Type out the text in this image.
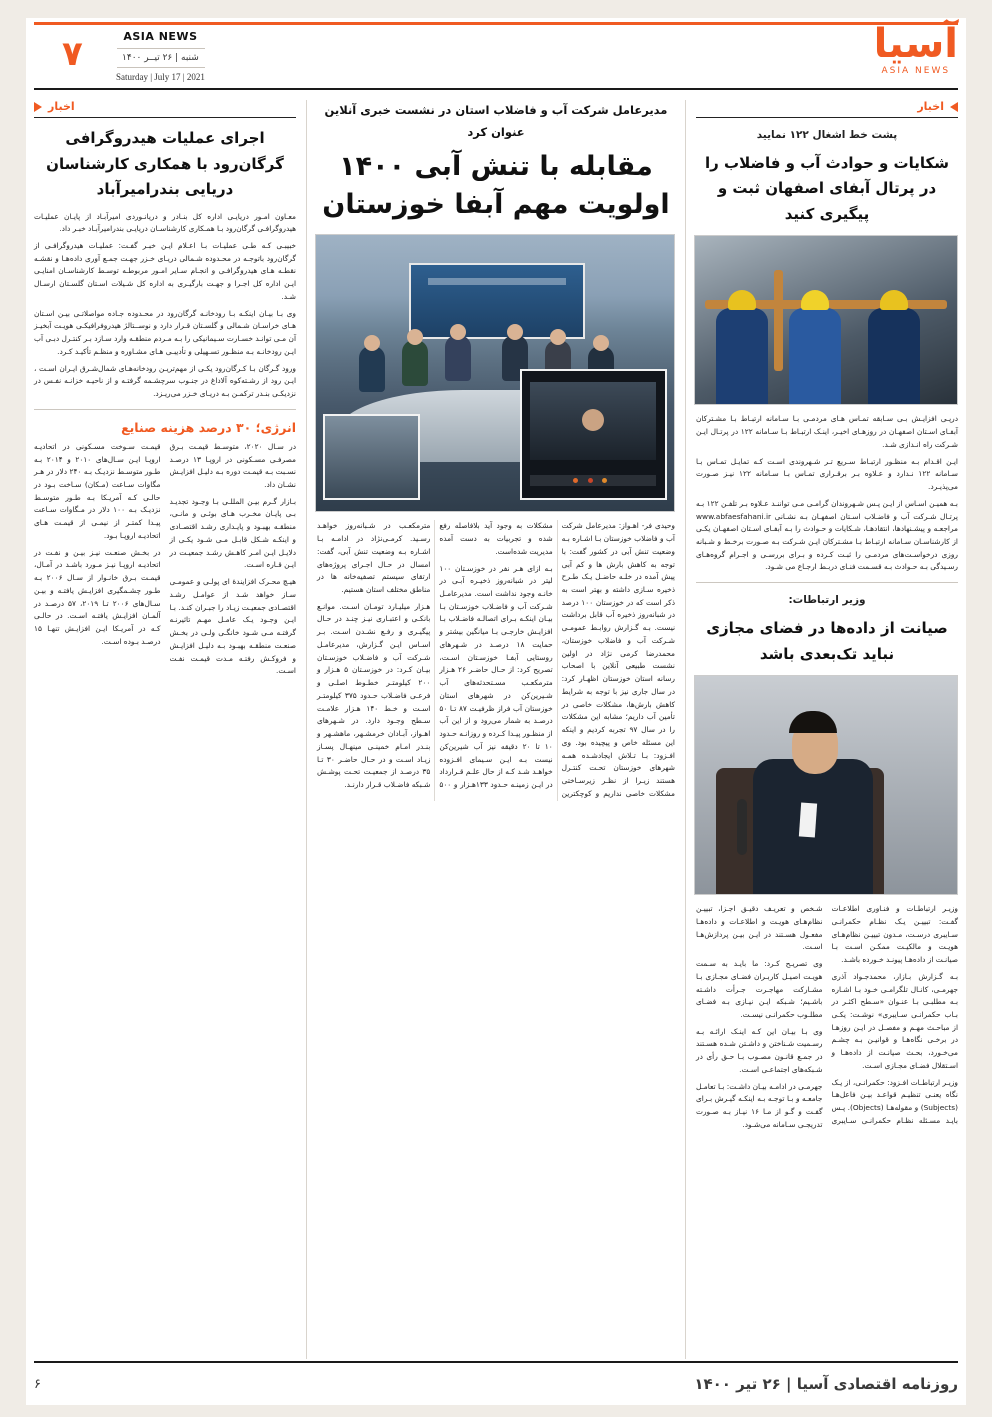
۷	ASIA NEWS
شنبه | ۲۶ تیــر ۱۴۰۰
Saturday | July 17 | 2021
آسیا
ASIA NEWS
اخبار
پشت خط اشغال ۱۲۲ نمایید
شکایات و حوادث آب و فاضلاب را در پرتال آبفای اصفهان ثبت و پیگیری کنید

درپـی افزایـش بـی سـابقه تمـاس هـای مردمـی بـا سـامانه ارتبـاط بـا مشـترکان آبفـای اسـتان اصفهـان در روزهـای اخیـر، اینـک ارتبـاط بـا سـامانه ۱۲۲ در پرتـال ایـن شـرکت راه انـدازی شـد.

ایـن اقـدام بـه منظـور ارتبـاط سـریع تـر شـهروندی اسـت کـه تمایـل تمـاس بـا سـامانه ۱۲۲ نـدارد و عـلاوه بـر برقـراری تمـاس بـا سـامانه ۱۲۲ نیـز صـورت می‌پذیـرد.

بـه همیـن اسـاس از ایـن پـس شـهروندان گرامـی مـی تواننـد عـلاوه بـر تلفـن ۱۲۲ بـه پرتـال شـرکت آب و فاضـلاب اسـتان اصفهـان بـه نشـانی www.abfaesfahani.ir مراجعـه و پیشـنهادها، انتقادهـا، شـکایات و حـوادث را بـه آبفـای اسـتان اصفهـان یکـی از کارشناسـان سـامانه ارتبـاط بـا مشـترکان ایـن شـرکت بـه صـورت برخـط و شـبانه روزی درخواسـت‌های مردمـی را ثبـت کـرده و بـرای بررسـی و اجـرام گروه‌هـای رسـیدگی بـه حـوادث بـه قسـمت فنـای دربـط ارجـاع می شـود.

وزیر ارتباطات:
صیانت از داده‌ها در فضای مجازی نباید تک‌بعدی باشد

وزیـر ارتباطـات و فنـاوری اطلاعـات گفـت: تبییـن یـک نظـام حکمرانـی سـایبری درسـت، مـدون تبییـن نظام‌هـای هویـت و مالکیـت ممکـن اسـت بـا صیانـت از داده‌هـا پیونـد خـورده باشـد.

بـه گـزارش بـازار، محمدجـواد آذری جهرمـی، کانـال تلگرامـی خـود بـا اشـاره بـه مطلبـی بـا عنـوان «سـطح اکثـر در بـاب حکمرانـی سـایبری» نوشـت: یکـی از مباحـث مهـم و مفصـل در ایـن روزهـا در برخـی نگاه‌هـا و قوانیـن بـه چشـم می‌خـورد، بحـث صیانـت از داده‌هـا و اسـتقلال فضـای مجـازی اسـت.

وزیـر ارتباطـات افـزود: حکمرانـی، از یـک نگاه یعنـی تنظیـم قواعـد بیـن فاعل‌هـا (Subjects) و مقوله‌هـا (Objects). پـس بایـد مسـئله نظـام حکمرانـی سـایبری شـخص و تعریـف دقیـق اجـزا، تبییـن نظام‌هـای هویـت و اطلاعـات و داده‌هـا مفعـول هسـتند در ایـن بیـن پردازش‌هـا اسـت.

وی تصریـح کـرد: ما بایـد به سـمت هویـت اصیـل کاربـران فضـای مجـازی بـا مشـارکت مهاجـرت جـرأت داشـته باشـیم؛ شـبکه ایـن نیـازی بـه فضـای مطلـوب حکمرانـی نیسـت.

وی بـا بیـان این کـه اینـک ارائـه بـه رسـمیت شـناختن و داشـتن شـده هسـتند در جمـع قانـون مصـوب بـا حـق رأی در شـبکه‌های اجتماعـی اسـت.

جهرمـی در ادامـه بیـان داشـت: بـا تعامـل جامعـه و بـا توجـه بـه اینکـه گیـرش بـرای گفـت و گـو از مـا ۱۶ نیـاز بـه صـورت تدریجـی سـامانه می‌شـود.

مدیرعامل شرکت آب و فاضلاب استان در نشست خبری آنلاین عنوان کرد
مقابله با تنش آبی ۱۴۰۰ اولویت مهم آبفا خوزستان

وحیدی فر- اهـواز: مدیرعامل شرکت آب و فاضلاب خوزستان بـا اشـاره بـه وضعیت تنش آبی در کشور گفت: با توجه به کاهش بارش ها و کم آبی پیش آمده در خلـه حاضـل یـک طـرح ذخیره سـازی داشته و بهتر است به ذکر است که در خوزستان ۱۰۰ درصد در شبانه‌روز ذخیره آب قابل برداشت نیست. بـه گـزارش روابـط عمومـی شـرکت آب و فاضلاب خوزستان، محمدرضا کرمی نژاد در اولین نشست طبیعی آنلاین با اصحاب رسانه استان خوزستان اظهـار کرد: در سال جاری نیز با توجه به شرایط کاهش بارش‌ها، مشکلات خاصی در تأمین آب داریم؛ مشابه این مشکلات را در سال ۹۷ تجربه کردیم و اینکه این مسئله خاص و پیچیده بود. وی افـزود: بـا تـلاش ایجادشـده همـه شهرهای خوزستان تحـت کنتـرل هستند زیـرا از نظـر زیرسـاختی مشکلات خاصی نداریم و کوچکترین مشکلات به وجود آید بلافاصله رفع شده و تجربیات به دست آمده مدیریت شده‌است.

بـه ازای هـر نفر در خوزسـتان ۱۰۰ لیتر در شبانه‌روز ذخیـره آبـی در خانـه وجود نداشت است. مدیرعامـل شـرکت آب و فاضـلاب خوزسـتان بـا بیـان اینکـه بـرای اتصالـه فاضـلاب بـا افزایـش خارجـی بـا میانگین بیشتر و حمایت ۱۸ درصـد در شـهرهای روستایی آبفـا خوزسـتان اسـت، تصریح کرد: از حـال حاضـر ۲۶ هـزار مترمکعـب مسـتحدثه‌های آب شـیرین‌کن در شهرهای استان خوزستان آب فراز ظرفیـت ۸۷ تـا ۵۰ درصـد به شمار می‌رود و از این آب از منظـور پیـدا کـرده و روزانـه حـدود ۱۰ تا ۲۰ دقیقه نیز آب شیرین‌کن نیست بـه ایـن سـیمای افـزوده خواهـد شـد کـه از حال علـم قـرارداد در ایـن زمینـه حـدود ۱۳۳هـزار و ۵۰۰ مترمکعـب در شـبانه‌روز خواهـد رسـید. کرمـی‌نژاد در ادامـه بـا اشـاره بـه وضعیت تنش آبی، گفت: امسال در حـال اجـرای پروژه‌های ارتقای سیستم تصفیه‌خانه ها در مناطق مختلف استان هستیم.

هـزار میلیـارد تومـان اسـت. موانـع بانکـی و اعتبـاری نیـز چنـد در حـال پیگیـری و رفـع نشـدن اسـت. بـر اسـاس ایـن گـزارش، مدیرعامـل شـرکت آب و فاضـلاب خوزسـتان بیـان کـرد: در خوزسـتان ۵ هـزار و ۲۰۰ کیلومتـر خطـوط اصلـی و فرعـی فاضـلاب حـدود ۳۷۵ کیلومتـر اسـت و خـط ۱۴۰ هـزار علامـت سـطح وجـود دارد. در شـهرهای اهـواز، آبـادان خرمشـهر، ماهشـهر و بنـدر امـام خمینـی مینهـال پسـاز زیـاد اسـت و در حـال حاضـر ۳۰ تـا ۳۵ درصـد از جمعیـت تحـت پوشـش شـبکه فاضـلاب قـرار دارنـد.

اخبار
اجرای عملیات هیدروگرافی گرگان‌رود با همکاری کارشناسان دریایی بندرامیرآباد

معـاون امـور دریایـی اداره کل بنـادر و دریانـوردی امیرآبـاد از پایـان عملیـات هیدروگرافـی گرگان‌رود بـا همـکاری کارشناسـان دریایـی بندرامیرآبـاد خبـر داد.

خبیبـی کـه طـی عملیـات بـا اعـلام ایـن خبـر گفـت: عملیـات هیدروگرافـی از گرگان‌رود باتوجـه در محـدوده شـمالی دریـای خـزر جهـت جمـع آوری داده‌هـا و نقشـه نقطـه هـای هیدروگرافـی و انجـام سـایر امـور مربوطـه توسـط کارشناسـان امنایـی ایـن اداره کل اجـرا و جهـت بارگیـری به اداره کل شـیلات اسـتان گلسـتان ارسـال شـد.

وی بـا بیـان اینکـه بـا رودخانـه گرگان‌رود در محـدوده جـاده مواصلاتـی بیـن اسـتان هـای خراسـان شـمالی و گلسـتان قـرار دارد و نوســتالژ هیدروفرافیکـی هویـت آبخیـز آن مـی توانـد خسـارت سـیمانیکی را بـه مـردم منطقـه وارد سـازد بـر کنتـرل دبـی آب ایـن رودخانـه بـه منظـور تسـهیلی و تأدیبـی هـای مشـاوره و منظـم تأکیـد کـرد.

ورود گـرگان بـا کـرگان‌رود یکـی از مهم‌تریـن رودخانه‌هـای شمال‌شـرق ایـران اسـت ، ایـن رود از رشـته‌کوه آلاداغ در جنـوب سرچشـمه گرفتـه و از ناحیـه خزانـه نفـس در نزدیکـی بنـدر ترکمـن بـه دریـای خـزر می‌ریـزد.

انرژی؛ ۳۰ درصد هزینه صنایع

در سـال ۲۰۲۰، متوسـط قیمـت بـرق مصرفـی مسـکونی در اروپـا ۱۳ درصـد نسـبت بـه قیمـت دوره بـه دلیـل افزایـش نشـان داد.

بـازار گـرم بیـن المللـی بـا وجـود تجدیـد بـی پایـان مخـرب هـای بوئـی و مانـی، منطقـه بهبـود و پایـداری رشـد اقتصـادی و اینکـه شـکل قابـل مـی شـود یکـی از دلایـل ایـن امـر کاهـش رشـد جمعیـت در ایـن قـاره اسـت.

هیـچ محـرک افزایندۀ ای پولـی و عمومـی سـاز خواهد شـد از عوامـل رشـد اقتصـادی جمعیـت زیـاد را جبـران کنـد. بـا ایـن وجـود یـک عامـل مهـم تاثیرنـه گرفتـه مـی شـود خانگـی ولـی در بخـش صنعـت منطقـه بهبـود بـه دلیـل افزایـش و فروکـش رفتـه مـدت قیمـت نفـت اسـت.

قیمـت سـوخت مسـکونی در اتحادیـه اروپـا ایـن سـال‌های ۲۰۱۰ و ۲۰۱۴ بـه طـور متوسـط نزدیـک بـه ۲۴۰ دلار در هـر مگاوات سـاعت (مـکان) سـاخت بـود در حالـی کـه آمریـکا بـه طـور متوسـط نزدیـک بـه ۱۰۰ دلار در مـگاوات سـاعت پیـدا کمتـر از نیمـی از قیمـت هـای اتحادیـه اروپـا بـود.

در بخـش صنعـت نیـز بیـن و نفـت در اتحادیـه اروپـا نیـز مـورد باشـد در آمـال، قیمـت بـرق خانـوار از سـال ۲۰۰۶ بـه طـور چشـمگیری افزایـش یافتـه و بیـن سـال‌های ۲۰۰۶ تـا ۲۰۱۹، ۵۷ درصـد در آلمـان افزایـش یافتـه اسـت. در حالـی کـه در آمریـکا ایـن افزایـش تنهـا ۱۵ درصـد بـوده اسـت.

روزنامه اقتصادی آسیا | ۲۶ تیر ۱۴۰۰
۶
